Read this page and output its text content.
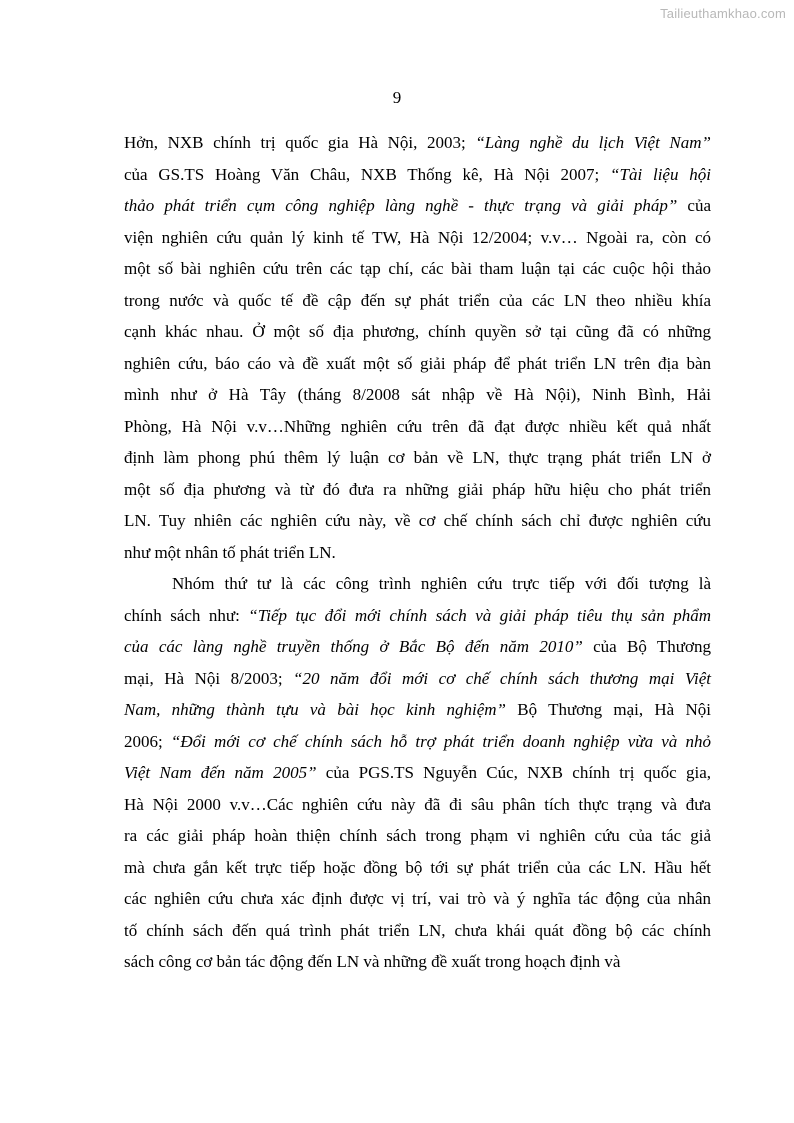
Tailieuthamkhao.com
9
Hởn, NXB chính trị quốc gia Hà Nội, 2003; “Làng nghề du lịch Việt Nam”
của GS.TS Hoàng Văn Châu, NXB Thống kê, Hà Nội 2007; “Tài liệu hội
thảo phát triển cụm công nghiệp làng nghề - thực trạng và giải pháp” của
viện nghiên cứu quản lý kinh tế TW, Hà Nội 12/2004; v.v… Ngoài ra, còn có
một số bài nghiên cứu trên các tạp chí, các bài tham luận tại các cuộc hội thảo
trong nước và quốc tế đề cập đến sự phát triển của các LN theo nhiều khía
cạnh khác nhau. Ở một số địa phương, chính quyền sở tại cũng đã có những
nghiên cứu, báo cáo và đề xuất một số giải pháp để phát triển LN trên địa bàn
mình như ở Hà Tây (tháng 8/2008 sát nhập về Hà Nội), Ninh Bình, Hải
Phòng, Hà Nội v.v…Những nghiên cứu trên đã đạt được nhiều kết quả nhất
định làm phong phú thêm lý luận cơ bản về LN, thực trạng phát triển LN ở
một số địa phương và từ đó đưa ra những giải pháp hữu hiệu cho phát triển
LN. Tuy nhiên các nghiên cứu này, về cơ chế chính sách chỉ được nghiên cứu
như một nhân tố phát triển LN.
Nhóm thứ tư là các công trình nghiên cứu trực tiếp với đối tượng là
chính sách như: “Tiếp tục đổi mới chính sách và giải pháp tiêu thụ sản phẩm
của các làng nghề truyền thống ở Bắc Bộ đến năm 2010” của Bộ Thương
mại, Hà Nội 8/2003; “20 năm đổi mới cơ chế chính sách thương mại Việt
Nam, những thành tựu và bài học kinh nghiệm” Bộ Thương mại, Hà Nội
2006; “Đổi mới cơ chế chính sách hỗ trợ phát triển doanh nghiệp vừa và nhỏ
Việt Nam đến năm 2005” của PGS.TS Nguyễn Cúc, NXB chính trị quốc gia,
Hà Nội 2000 v.v…Các nghiên cứu này đã đi sâu phân tích thực trạng và đưa
ra các giải pháp hoàn thiện chính sách trong phạm vi nghiên cứu của tác giả
mà chưa gắn kết trực tiếp hoặc đồng bộ tới sự phát triển của các LN. Hầu hết
các nghiên cứu chưa xác định được vị trí, vai trò và ý nghĩa tác động của nhân
tố chính sách đến quá trình phát triển LN, chưa khái quát đồng bộ các chính
sách công cơ bản tác động đến LN và những đề xuất trong hoạch định và
